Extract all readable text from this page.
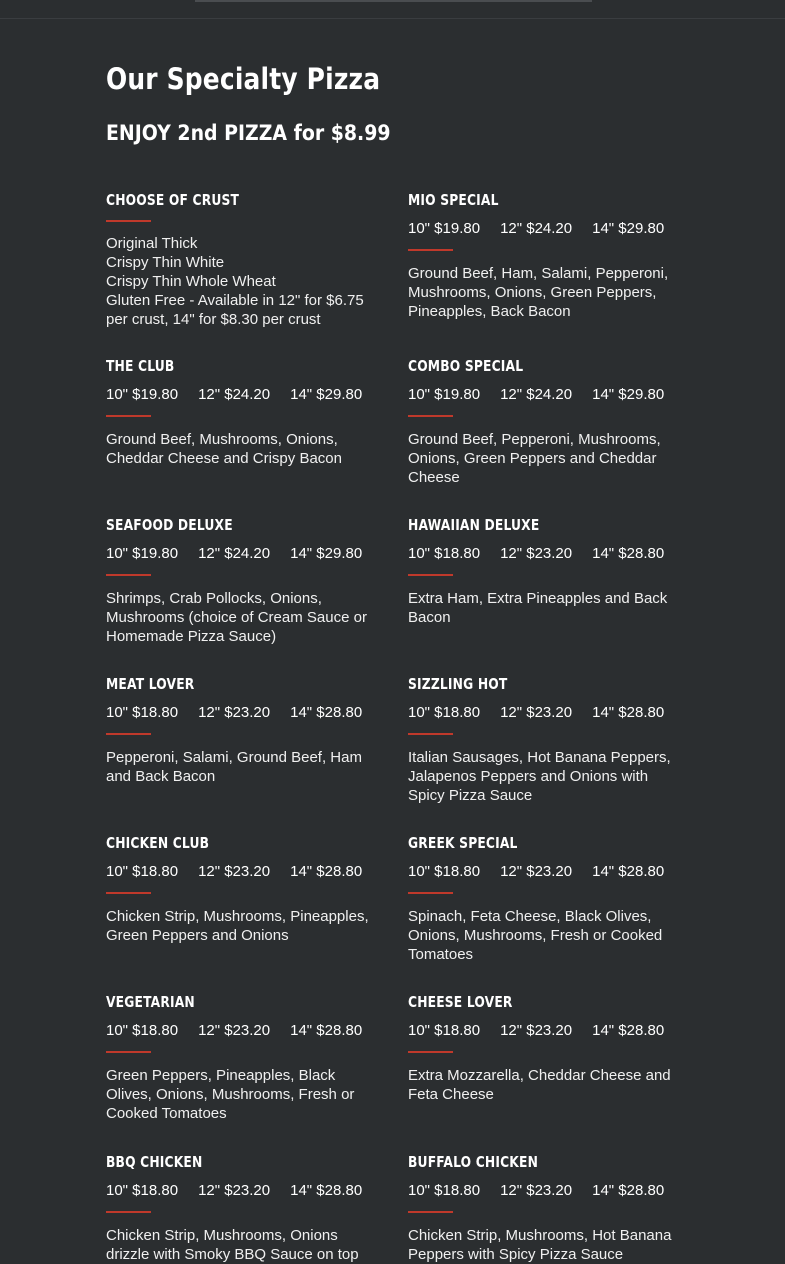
Our Specialty Pizza
ENJOY 2nd PIZZA for $8.99
CHOOSE OF CRUST
Original Thick
Crispy Thin White
Crispy Thin Whole Wheat
Gluten Free - Available in 12" for $6.75 per crust, 14" for $8.30 per crust
MIO SPECIAL
10" $19.80 12" $24.20 14" $29.80
Ground Beef, Ham, Salami, Pepperoni, Mushrooms, Onions, Green Peppers, Pineapples, Back Bacon
THE CLUB
10" $19.80 12" $24.20 14" $29.80
Ground Beef, Mushrooms, Onions, Cheddar Cheese and Crispy Bacon
COMBO SPECIAL
10" $19.80 12" $24.20 14" $29.80
Ground Beef, Pepperoni, Mushrooms, Onions, Green Peppers and Cheddar Cheese
SEAFOOD DELUXE
10" $19.80 12" $24.20 14" $29.80
Shrimps, Crab Pollocks, Onions, Mushrooms (choice of Cream Sauce or Homemade Pizza Sauce)
HAWAIIAN DELUXE
10" $18.80 12" $23.20 14" $28.80
Extra Ham, Extra Pineapples and Back Bacon
MEAT LOVER
10" $18.80 12" $23.20 14" $28.80
Pepperoni, Salami, Ground Beef, Ham and Back Bacon
SIZZLING HOT
10" $18.80 12" $23.20 14" $28.80
Italian Sausages, Hot Banana Peppers, Jalapenos Peppers and Onions with Spicy Pizza Sauce
CHICKEN CLUB
10" $18.80 12" $23.20 14" $28.80
Chicken Strip, Mushrooms, Pineapples, Green Peppers and Onions
GREEK SPECIAL
10" $18.80 12" $23.20 14" $28.80
Spinach, Feta Cheese, Black Olives, Onions, Mushrooms, Fresh or Cooked Tomatoes
VEGETARIAN
10" $18.80 12" $23.20 14" $28.80
Green Peppers, Pineapples, Black Olives, Onions, Mushrooms, Fresh or Cooked Tomatoes
CHEESE LOVER
10" $18.80 12" $23.20 14" $28.80
Extra Mozzarella, Cheddar Cheese and Feta Cheese
BBQ CHICKEN
10" $18.80 12" $23.20 14" $28.80
Chicken Strip, Mushrooms, Onions drizzle with Smoky BBQ Sauce on top
BUFFALO CHICKEN
10" $18.80 12" $23.20 14" $28.80
Chicken Strip, Mushrooms, Hot Banana Peppers with Spicy Pizza Sauce
